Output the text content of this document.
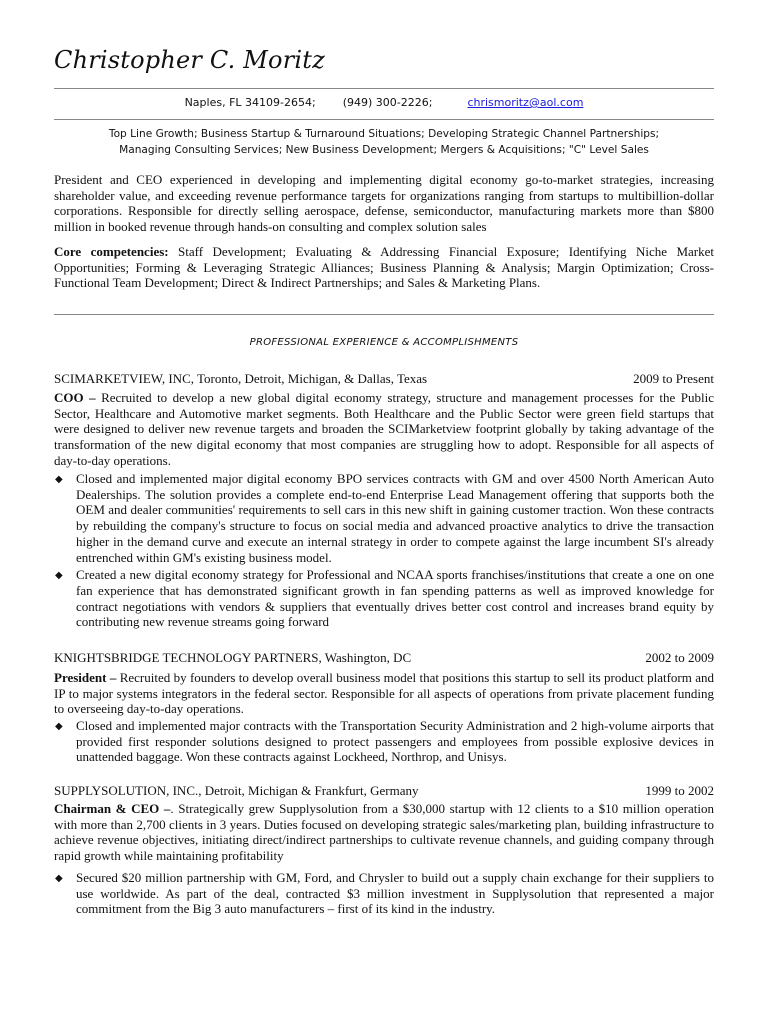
Christopher C. Moritz
Naples, FL 34109-2654; (949) 300-2226;	chrismoritz@aol.com
Top Line Growth; Business Startup & Turnaround Situations; Developing Strategic Channel Partnerships;
Managing Consulting Services; New Business Development; Mergers & Acquisitions; "C" Level Sales
President and CEO experienced in developing and implementing digital economy go-to-market strategies, increasing shareholder value, and exceeding revenue performance targets for organizations ranging from startups to multibillion-dollar corporations. Responsible for directly selling aerospace, defense, semiconductor, manufacturing markets more than $800 million in booked revenue through hands-on consulting and complex solution sales
Core competencies: Staff Development; Evaluating & Addressing Financial Exposure; Identifying Niche Market Opportunities; Forming & Leveraging Strategic Alliances; Business Planning & Analysis; Margin Optimization; Cross-Functional Team Development; Direct & Indirect Partnerships; and Sales & Marketing Plans.
PROFESSIONAL EXPERIENCE & ACCOMPLISHMENTS
SCIMARKETVIEW, INC, Toronto, Detroit, Michigan, & Dallas, Texas	2009 to Present
COO – Recruited to develop a new global digital economy strategy, structure and management processes for the Public Sector, Healthcare and Automotive market segments. Both Healthcare and the Public Sector were green field startups that were designed to deliver new revenue targets and broaden the SCIMarketview footprint globally by taking advantage of the transformation of the new digital economy that most companies are struggling how to adopt. Responsible for all aspects of day-to-day operations.
◆ Closed and implemented major digital economy BPO services contracts with GM and over 4500 North American Auto Dealerships. The solution provides a complete end-to-end Enterprise Lead Management offering that supports both the OEM and dealer communities' requirements to sell cars in this new shift in gaining customer traction. Won these contracts by rebuilding the company's structure to focus on social media and advanced proactive analytics to drive the transaction higher in the demand curve and execute an internal strategy in order to compete against the large incumbent SI's already entrenched within GM's existing business model.
◆ Created a new digital economy strategy for Professional and NCAA sports franchises/institutions that create a one on one fan experience that has demonstrated significant growth in fan spending patterns as well as improved knowledge for contract negotiations with vendors & suppliers that eventually drives better cost control and increases brand equity by contributing new revenue streams going forward
KNIGHTSBRIDGE TECHNOLOGY PARTNERS, Washington, DC	2002 to 2009
President – Recruited by founders to develop overall business model that positions this startup to sell its product platform and IP to major systems integrators in the federal sector. Responsible for all aspects of operations from private placement funding to overseeing day-to-day operations.
◆ Closed and implemented major contracts with the Transportation Security Administration and 2 high-volume airports that provided first responder solutions designed to protect passengers and employees from possible explosive devices in unattended baggage. Won these contracts against Lockheed, Northrop, and Unisys.
SUPPLYSOLUTION, INC., Detroit, Michigan & Frankfurt, Germany	1999 to 2002
Chairman & CEO –. Strategically grew Supplysolution from a $30,000 startup with 12 clients to a $10 million operation with more than 2,700 clients in 3 years. Duties focused on developing strategic sales/marketing plan, building infrastructure to achieve revenue objectives, initiating direct/indirect partnerships to cultivate revenue channels, and guiding company through rapid growth while maintaining profitability
◆ Secured $20 million partnership with GM, Ford, and Chrysler to build out a supply chain exchange for their suppliers to use worldwide. As part of the deal, contracted $3 million investment in Supplysolution that represented a major commitment from the Big 3 auto manufacturers – first of its kind in the industry.
